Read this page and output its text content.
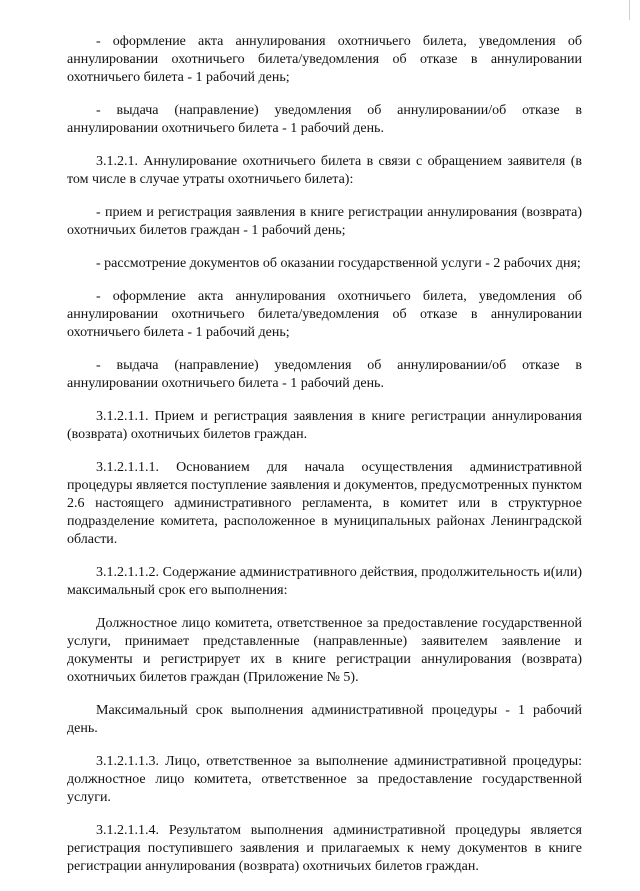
- оформление акта аннулирования охотничьего билета, уведомления об аннулировании охотничьего билета/уведомления об отказе в аннулировании охотничьего билета - 1 рабочий день;

- выдача (направление) уведомления об аннулировании/об отказе в аннулировании охотничьего билета - 1 рабочий день.

3.1.2.1. Аннулирование охотничьего билета в связи с обращением заявителя (в том числе в случае утраты охотничьего билета):

- прием и регистрация заявления в книге регистрации аннулирования (возврата) охотничьих билетов граждан - 1 рабочий день;

- рассмотрение документов об оказании государственной услуги - 2 рабочих дня;

- оформление акта аннулирования охотничьего билета, уведомления об аннулировании охотничьего билета/уведомления об отказе в аннулировании охотничьего билета - 1 рабочий день;

- выдача (направление) уведомления об аннулировании/об отказе в аннулировании охотничьего билета - 1 рабочий день.

3.1.2.1.1. Прием и регистрация заявления в книге регистрации аннулирования (возврата) охотничьих билетов граждан.

3.1.2.1.1.1. Основанием для начала осуществления административной процедуры является поступление заявления и документов, предусмотренных пунктом 2.6 настоящего административного регламента, в комитет или в структурное подразделение комитета, расположенное в муниципальных районах Ленинградской области.

3.1.2.1.1.2. Содержание административного действия, продолжительность и(или) максимальный срок его выполнения:

Должностное лицо комитета, ответственное за предоставление государственной услуги, принимает представленные (направленные) заявителем заявление и документы и регистрирует их в книге регистрации аннулирования (возврата) охотничьих билетов граждан (Приложение № 5).

Максимальный срок выполнения административной процедуры - 1 рабочий день.

3.1.2.1.1.3. Лицо, ответственное за выполнение административной процедуры: должностное лицо комитета, ответственное за предоставление государственной услуги.

3.1.2.1.1.4. Результатом выполнения административной процедуры является регистрация поступившего заявления и прилагаемых к нему документов в книге регистрации аннулирования (возврата) охотничьих билетов граждан.
